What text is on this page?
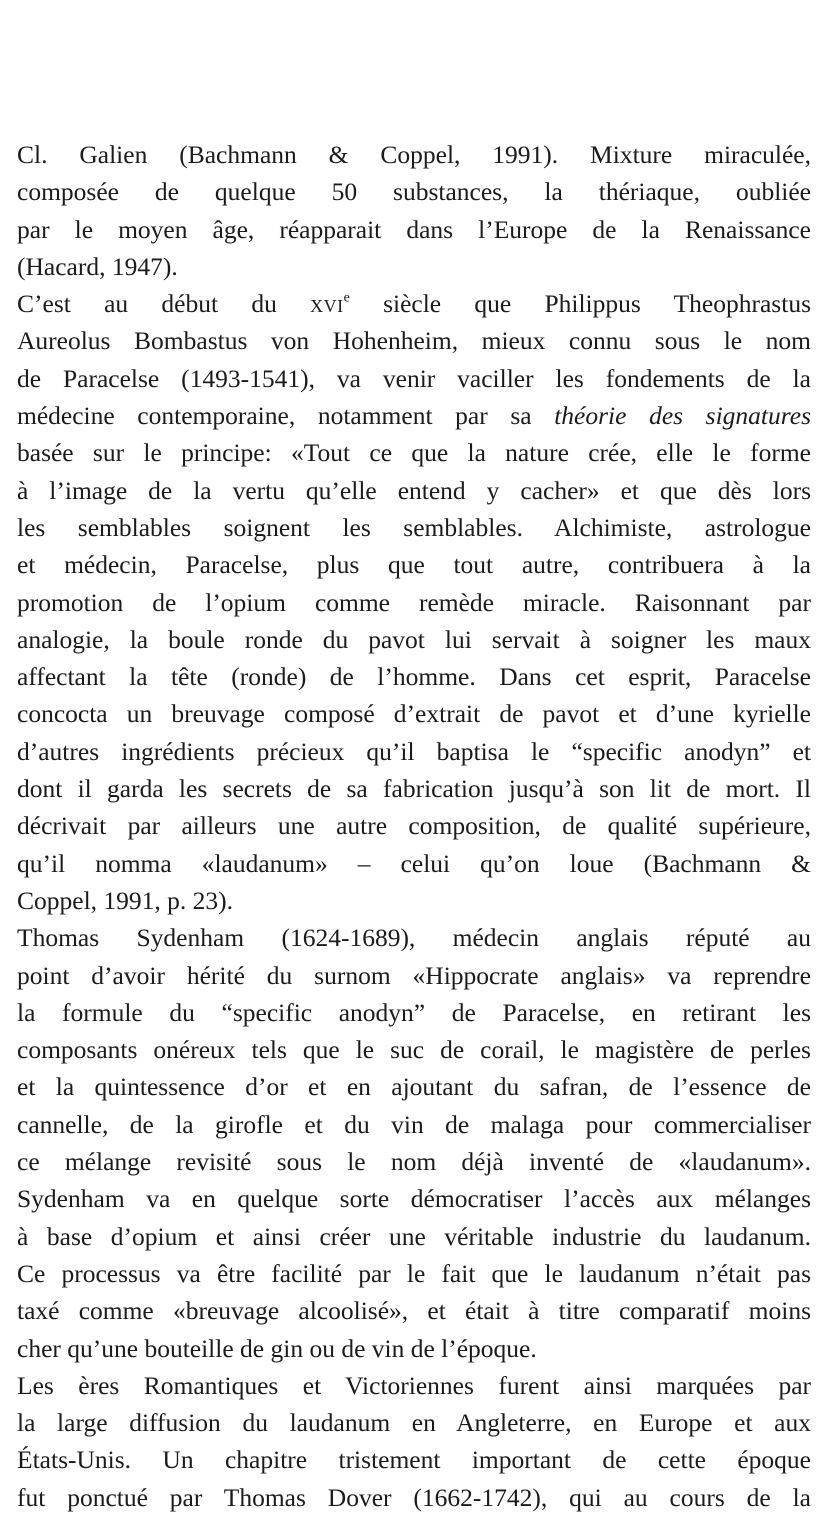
Cl. Galien (Bachmann & Coppel, 1991). Mixture miraculée,
composée de quelque 50 substances, la thériaque, oubliée
par le moyen âge, réapparait dans l’Europe de la Renaissance
(Hacard, 1947).
C’est au début du xvi$^e$ siècle que Philippus Theophrastus
Aureolus Bombastus von Hohenheim, mieux connu sous le nom
de Paracelse (1493-1541), va venir vaciller les fondements de la
médecine contemporaine, notamment par sa théorie des signatures
basée sur le principe: «Tout ce que la nature crée, elle le forme
à l’image de la vertu qu’elle entend y cacher» et que dès lors
les semblables soignent les semblables. Alchimiste, astrologue
et médecin, Paracelse, plus que tout autre, contribuera à la
promotion de l’opium comme remède miracle. Raisonnant par
analogie, la boule ronde du pavot lui servait à soigner les maux
affectant la tête (ronde) de l’homme. Dans cet esprit, Paracelse
concocta un breuvage composé d’extrait de pavot et d’une kyrielle
d’autres ingrédients précieux qu’il baptisa le “specific anodyn” et
dont il garda les secrets de sa fabrication jusqu’à son lit de mort. Il
décrivait par ailleurs une autre composition, de qualité supérieure,
qu’il nomma «laudanum» – celui qu’on loue (Bachmann &
Coppel, 1991, p. 23).
Thomas Sydenham (1624-1689), médecin anglais réputé au
point d’avoir hérité du surnom «Hippocrate anglais» va reprendre
la formule du “specific anodyn” de Paracelse, en retirant les
composants onéreux tels que le suc de corail, le magistère de perles
et la quintessence d’or et en ajoutant du safran, de l’essence de
cannelle, de la girofle et du vin de malaga pour commercialiser
ce mélange revisité sous le nom déjà inventé de «laudanum».
Sydenham va en quelque sorte démocratiser l’accès aux mélanges
à base d’opium et ainsi créer une véritable industrie du laudanum.
Ce processus va être facilité par le fait que le laudanum n’était pas
taxé comme «breuvage alcoolisé», et était à titre comparatif moins
cher qu’une bouteille de gin ou de vin de l’époque.
Les ères Romantiques et Victoriennes furent ainsi marquées par
la large diffusion du laudanum en Angleterre, en Europe et aux
États-Unis. Un chapitre tristement important de cette époque
fut ponctué par Thomas Dover (1662-1742), qui au cours de la
